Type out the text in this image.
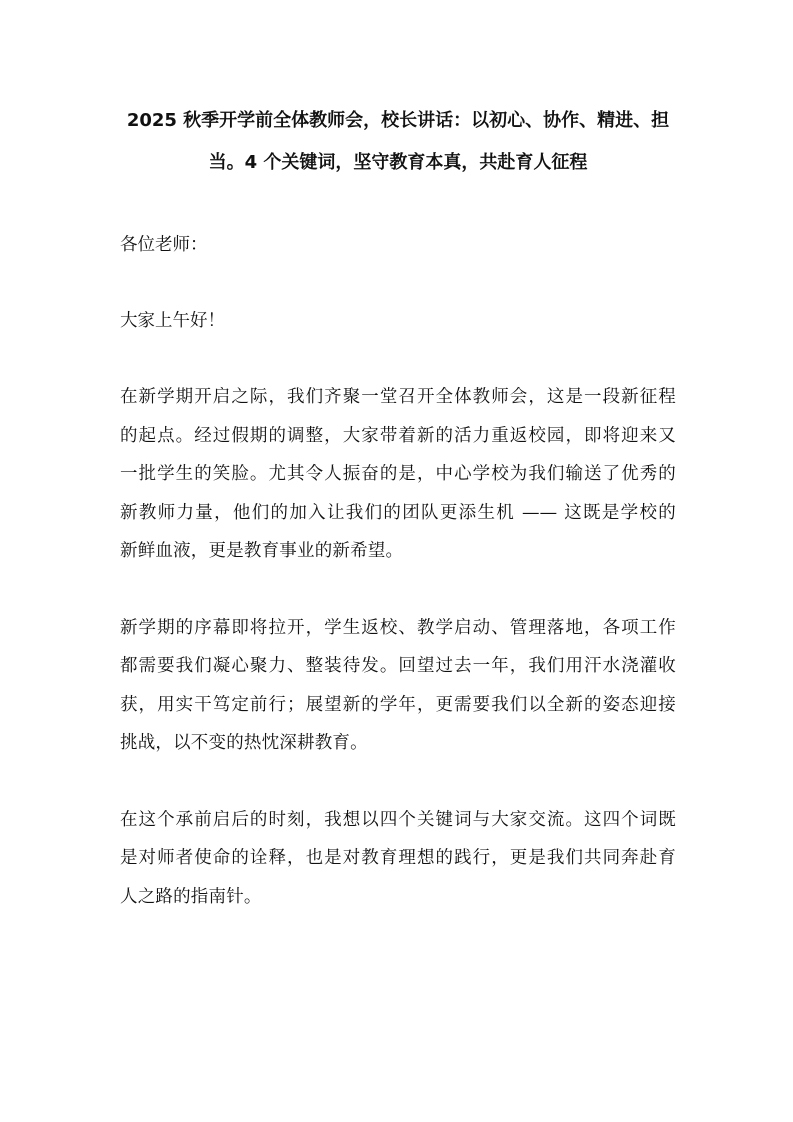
2025 秋季开学前全体教师会，校长讲话：以初心、协作、精进、担
当。4 个关键词，坚守教育本真，共赴育人征程

各位老师：

大家上午好！

在新学期开启之际，我们齐聚一堂召开全体教师会，这是一段新征程
的起点。经过假期的调整，大家带着新的活力重返校园，即将迎来又
一批学生的笑脸。尤其令人振奋的是，中心学校为我们输送了优秀的
新教师力量，他们的加入让我们的团队更添生机 —— 这既是学校的
新鲜血液，更是教育事业的新希望。
新学期的序幕即将拉开，学生返校、教学启动、管理落地，各项工作
都需要我们凝心聚力、整装待发。回望过去一年，我们用汗水浇灌收
获，用实干笃定前行；展望新的学年，更需要我们以全新的姿态迎接
挑战，以不变的热忱深耕教育。
在这个承前启后的时刻，我想以四个关键词与大家交流。这四个词既
是对师者使命的诠释，也是对教育理想的践行，更是我们共同奔赴育
人之路的指南针。
